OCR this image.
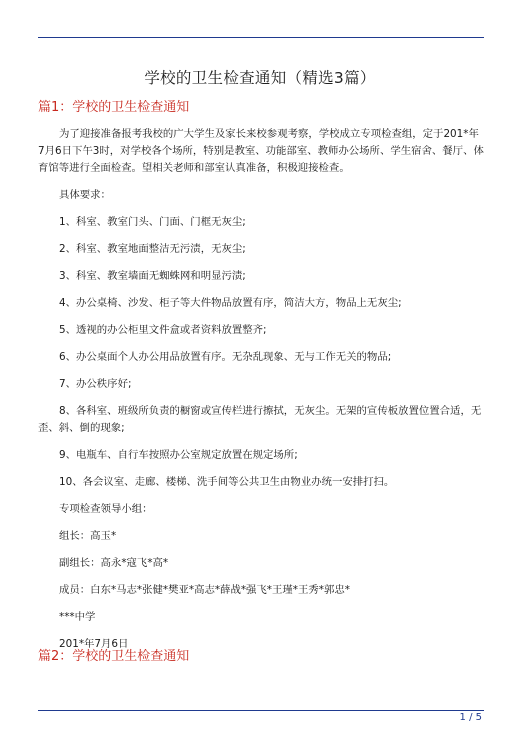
学校的卫生检查通知（精选3篇）
篇1：学校的卫生检查通知

为了迎接准备报考我校的广大学生及家长来校参观考察，学校成立专项检查组，定于201*年7月6日下午3时，对学校各个场所，特别是教室、功能部室、教师办公场所、学生宿舍、餐厅、体育馆等进行全面检查。望相关老师和部室认真准备，积极迎接检查。

具体要求：

1、科室、教室门头、门面、门框无灰尘;

2、科室、教室地面整洁无污渍，无灰尘;

3、科室、教室墙面无蜘蛛网和明显污渍;

4、办公桌椅、沙发、柜子等大件物品放置有序，简洁大方，物品上无灰尘;

5、透视的办公柜里文件盒或者资料放置整齐;

6、办公桌面个人办公用品放置有序。无杂乱现象、无与工作无关的物品;

7、办公秩序好;

8、各科室、班级所负责的橱窗或宣传栏进行擦拭，无灰尘。无架的宣传板放置位置合适，无歪、斜、倒的现象;

9、电瓶车、自行车按照办公室规定放置在规定场所;

10、各会议室、走廊、楼梯、洗手间等公共卫生由物业办统一安排打扫。

专项检查领导小组：

组长：高玉*

副组长：高永*寇飞*高*

成员：白东*马志*张健*樊亚*高志*薛战*强飞*王瑾*王秀*郭忠*

***中学

201*年7月6日

篇2：学校的卫生检查通知
1 / 5
